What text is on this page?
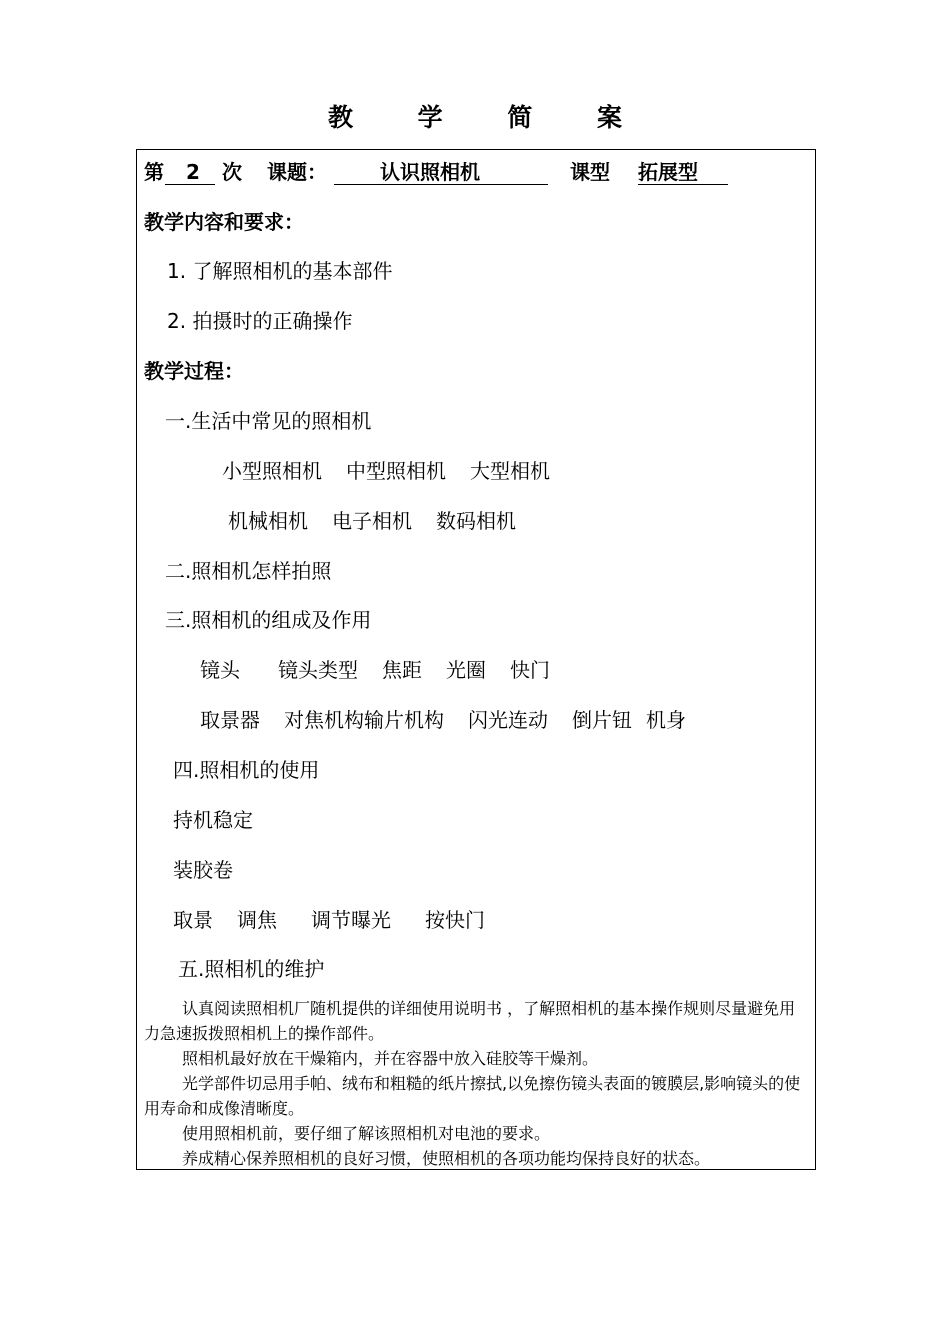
教 学 简 案
第 2 次 课题：	认识照相机	课型 拓展型
教学内容和要求：
1. 了解照相机的基本部件
2. 拍摄时的正确操作
教学过程：
一.生活中常见的照相机
小型照相机 中型照相机 大型相机
机械相机 电子相机 数码相机
二.照相机怎样拍照
三.照相机的组成及作用
镜头 镜头类型 焦距 光圈 快门
取景器 对焦机构输片机构 闪光连动 倒片钮 机身
四.照相机的使用
持机稳定
装胶卷
取景 调焦 调节曝光 按快门
五.照相机的维护

认真阅读照相机厂随机提供的详细使用说明书 ，了解照相机的基本操作规则尽量避免用力急速扳拨照相机上的操作部件。

照相机最好放在干燥箱内，并在容器中放入硅胶等干燥剂。

光学部件切忌用手帕、绒布和粗糙的纸片擦拭,以免擦伤镜头表面的镀膜层,影响镜头的使用寿命和成像清晰度。

使用照相机前，要仔细了解该照相机对电池的要求。

养成精心保养照相机的良好习惯，使照相机的各项功能均保持良好的状态。
